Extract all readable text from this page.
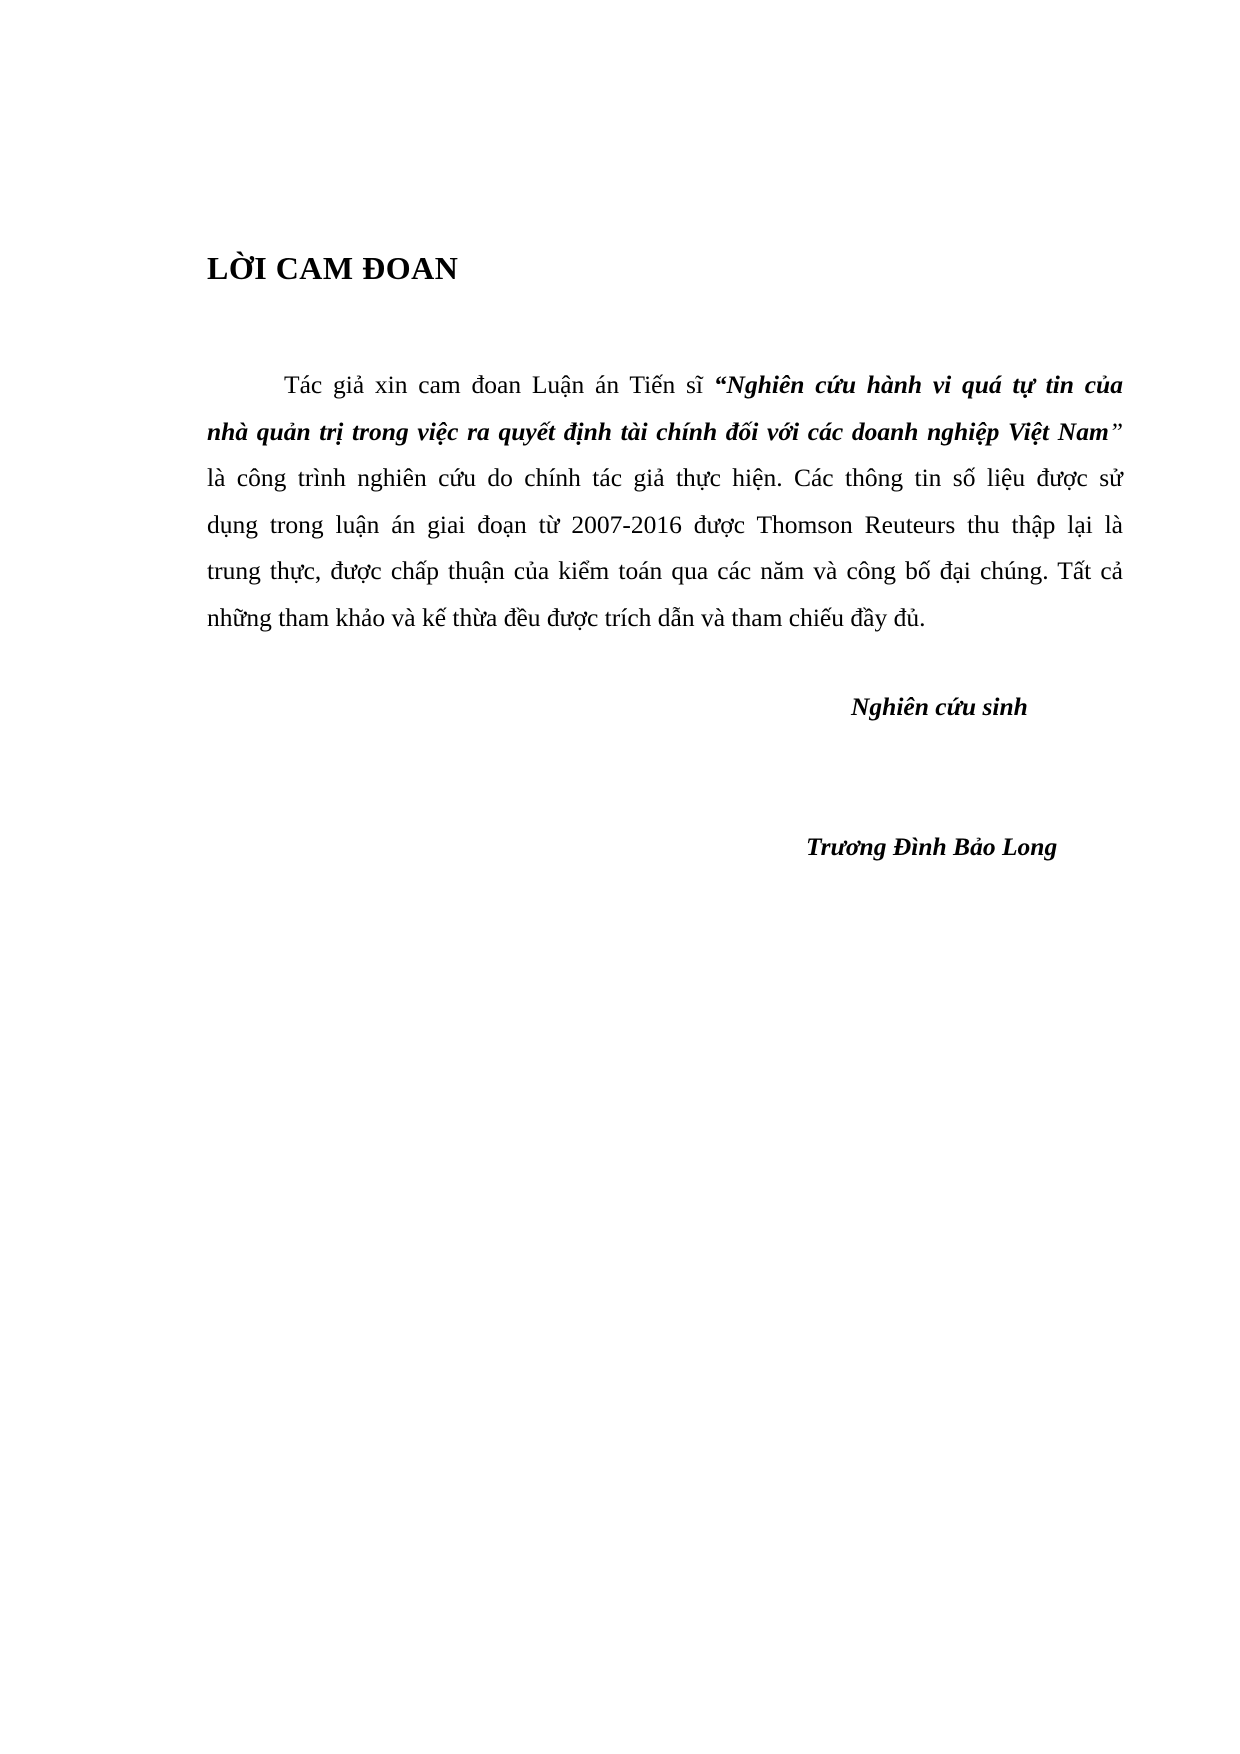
LỜI CAM ĐOAN
Tác giả xin cam đoan Luận án Tiến sĩ “Nghiên cứu hành vi quá tự tin của
nhà quản trị trong việc ra quyết định tài chính đối với các doanh nghiệp Việt Nam”
là công trình nghiên cứu do chính tác giả thực hiện. Các thông tin số liệu được sử
dụng trong luận án giai đoạn từ 2007-2016 được Thomson Reuteurs thu thập lại là
trung thực, được chấp thuận của kiểm toán qua các năm và công bố đại chúng. Tất cả
những tham khảo và kế thừa đều được trích dẫn và tham chiếu đầy đủ.

Nghiên cứu sinh

Trương Đình Bảo Long
